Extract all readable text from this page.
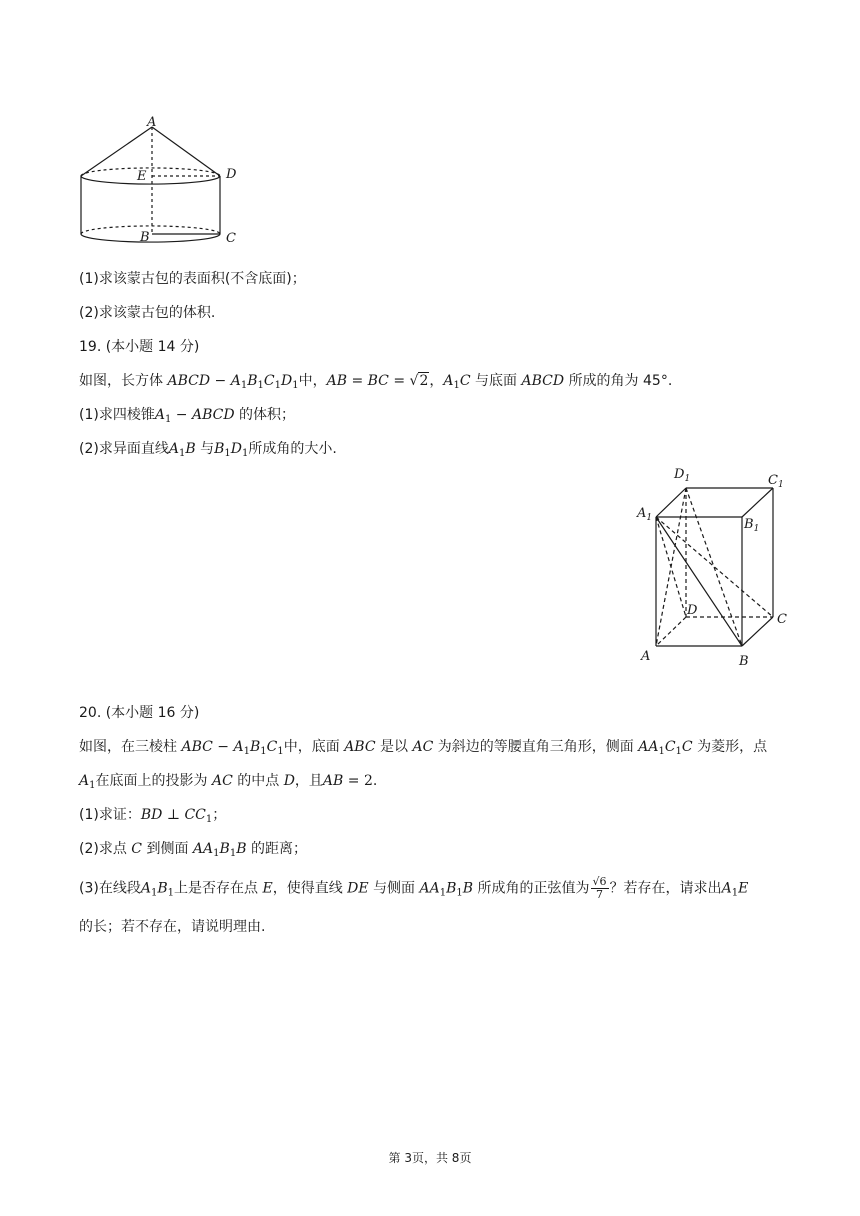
A
E	D
B	C
(1)求该蒙古包的表面积(不含底面)；
(2)求该蒙古包的体积.
19. (本小题 14 分)
如图，长方体 ABCD − $A_1B_1C_1D_1$中，AB = BC = √2，$A_1C$ 与底面 ABCD 所成的角为 45°.
(1)求四棱锥$A_1$ − ABCD 的体积；
(2)求异面直线$A_1B$ 与$B_1D_1$所成角的大小.
$D_1$	$C_1$
$A_1$	$B_1$
D
C
A	B
20. (本小题 16 分)
如图，在三棱柱 ABC − $A_1B_1C_1$中，底面 ABC 是以 AC 为斜边的等腰直角三角形，侧面 $AA_1C_1C$ 为菱形，点
$A_1$在底面上的投影为 AC 的中点 D，且AB = 2.
(1)求证：BD ⊥ $CC_1$；
(2)求点 C 到侧面 $AA_1B_1B$ 的距离；
(3)在线段$A_1B_1$上是否存在点 E，使得直线 DE 与侧面 $AA_1B_1B$ 所成角的正弦值为 $\frac{√6}{7}$ ？若存在，请求出$A_1E$
的长；若不存在，请说明理由.
第 3页，共 8页
